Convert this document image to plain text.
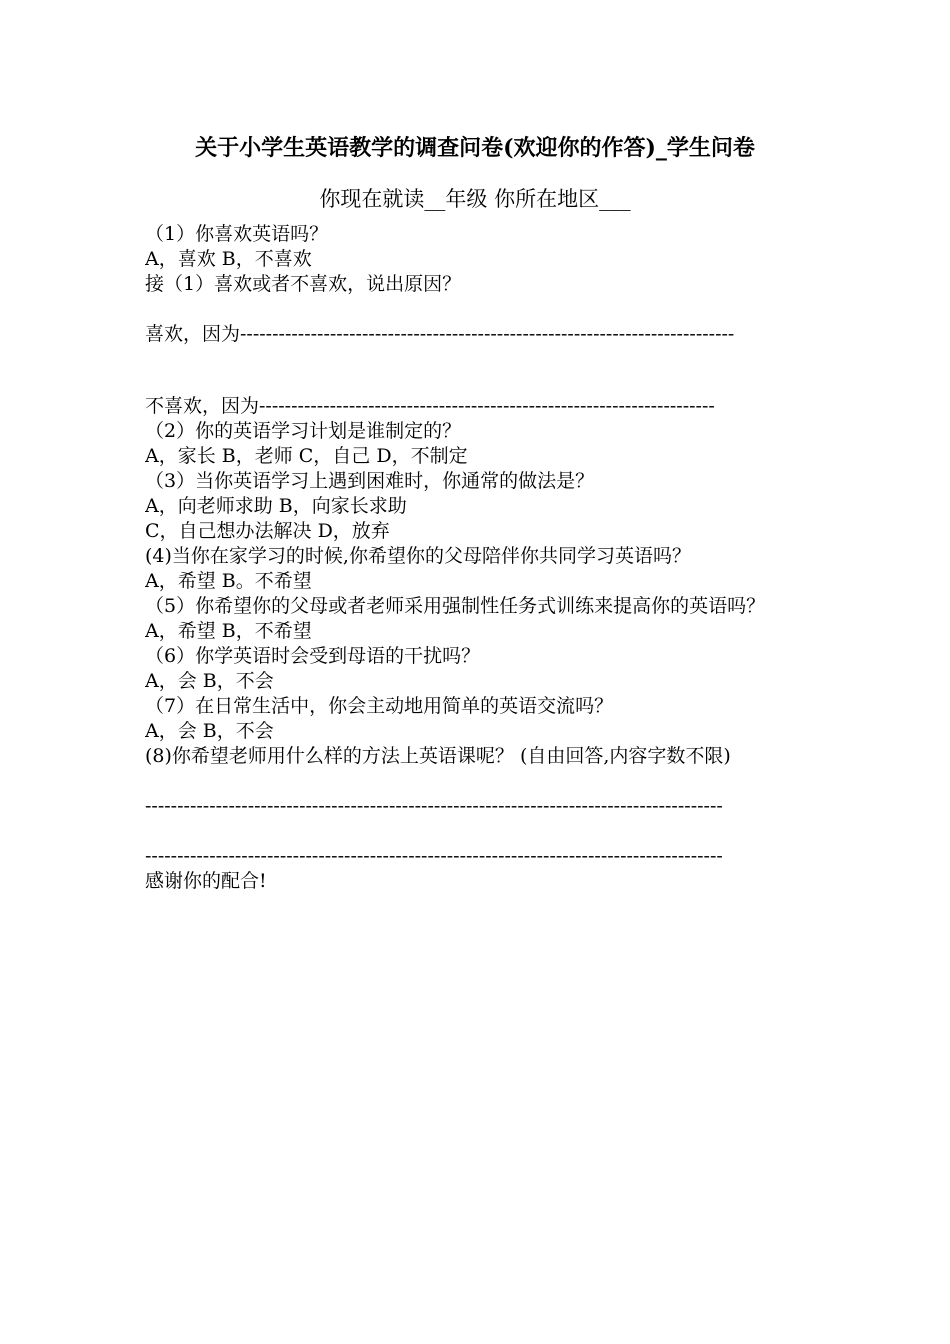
关于小学生英语教学的调查问卷(欢迎你的作答)_学生问卷
你现在就读__年级 你所在地区___
（1）你喜欢英语吗？
A，喜欢 B，不喜欢
接（1）喜欢或者不喜欢，说出原因？
喜欢，因为-----------------------------------------------------------------------------
不喜欢，因为-----------------------------------------------------------------------
（2）你的英语学习计划是谁制定的？
A，家长 B，老师 C，自己 D，不制定
（3）当你英语学习上遇到困难时，你通常的做法是？
A，向老师求助 B，向家长求助
C，自己想办法解决 D，放弃
(4)当你在家学习的时候,你希望你的父母陪伴你共同学习英语吗？
A，希望 B。不希望
（5）你希望你的父母或者老师采用强制性任务式训练来提高你的英语吗？
A，希望 B，不希望
（6）你学英语时会受到母语的干扰吗？
A，会 B，不会
（7）在日常生活中，你会主动地用简单的英语交流吗？
A，会 B，不会
(8)你希望老师用什么样的方法上英语课呢？ (自由回答,内容字数不限)
------------------------------------------------------------------------------------------
------------------------------------------------------------------------------------------
感谢你的配合!
